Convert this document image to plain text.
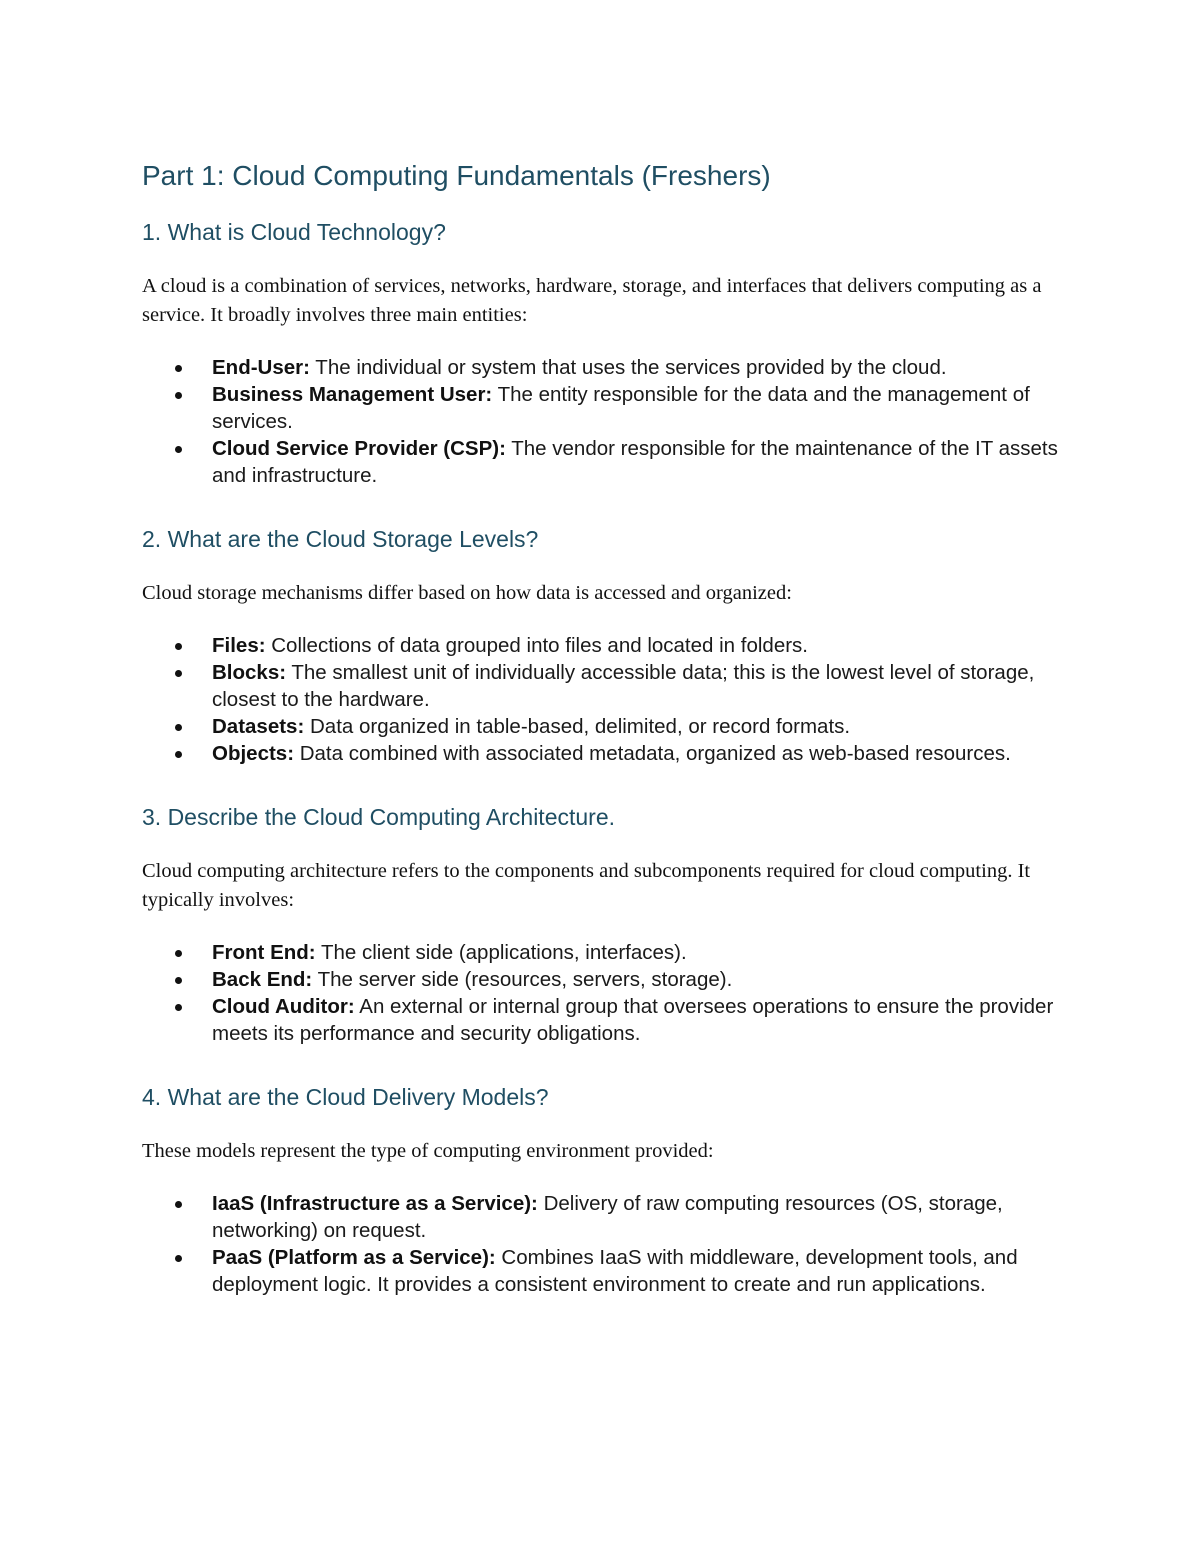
Part 1: Cloud Computing Fundamentals (Freshers)
1. What is Cloud Technology?

A cloud is a combination of services, networks, hardware, storage, and interfaces that delivers computing as a service. It broadly involves three main entities:

End-User: The individual or system that uses the services provided by the cloud.
Business Management User: The entity responsible for the data and the management of services.
Cloud Service Provider (CSP): The vendor responsible for the maintenance of the IT assets and infrastructure.
2. What are the Cloud Storage Levels?

Cloud storage mechanisms differ based on how data is accessed and organized:

Files: Collections of data grouped into files and located in folders.
Blocks: The smallest unit of individually accessible data; this is the lowest level of storage, closest to the hardware.
Datasets: Data organized in table-based, delimited, or record formats.
Objects: Data combined with associated metadata, organized as web-based resources.
3. Describe the Cloud Computing Architecture.

Cloud computing architecture refers to the components and subcomponents required for cloud computing. It typically involves:

Front End: The client side (applications, interfaces).
Back End: The server side (resources, servers, storage).
Cloud Auditor: An external or internal group that oversees operations to ensure the provider meets its performance and security obligations.
4. What are the Cloud Delivery Models?

These models represent the type of computing environment provided:

IaaS (Infrastructure as a Service): Delivery of raw computing resources (OS, storage, networking) on request.
PaaS (Platform as a Service): Combines IaaS with middleware, development tools, and deployment logic. It provides a consistent environment to create and run applications.
